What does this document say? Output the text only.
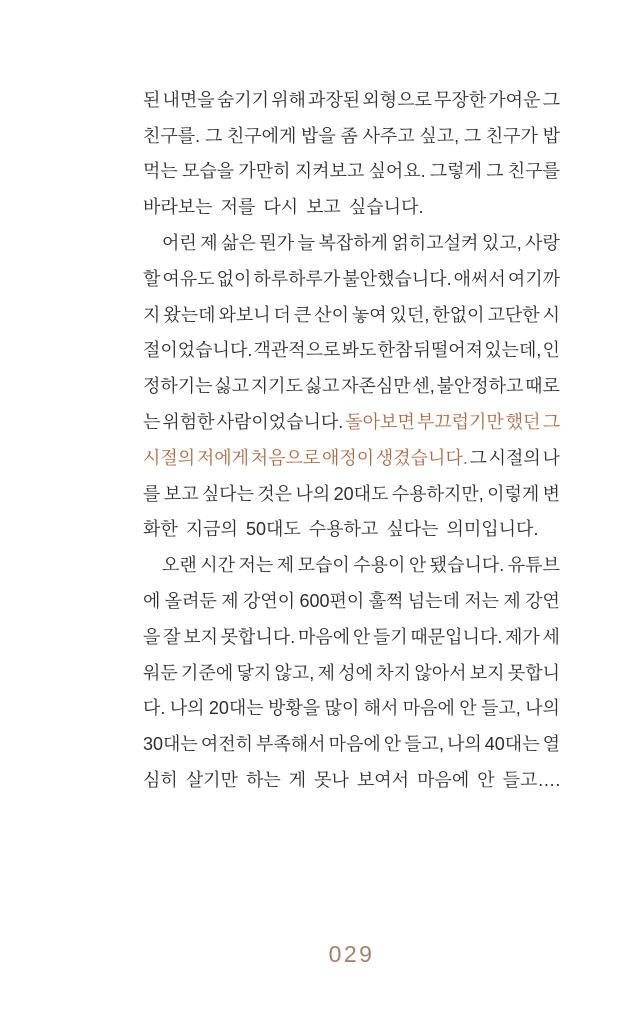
된 내면을 숨기기 위해 과장된 외형으로 무장한 가여운 그
친구를. 그 친구에게 밥을 좀 사주고 싶고, 그 친구가 밥
먹는 모습을 가만히 지켜보고 싶어요. 그렇게 그 친구를
바라보는 저를 다시 보고 싶습니다.
어린 제 삶은 뭔가 늘 복잡하게 얽히고설켜 있고, 사랑
할 여유도 없이 하루하루가 불안했습니다. 애써서 여기까
지 왔는데 와보니 더 큰 산이 놓여 있던, 한없이 고단한 시
절이었습니다. 객관적으로 봐도 한참 뒤떨어져 있는데, 인
정하기는 싫고 지기도 싫고 자존심만 센, 불안정하고 때로
는 위험한 사람이었습니다. 돌아보면 부끄럽기만 했던 그
시절의 저에게 처음으로 애정이 생겼습니다. 그 시절의 나
를 보고 싶다는 것은 나의 20대도 수용하지만, 이렇게 변
화한 지금의 50대도 수용하고 싶다는 의미입니다.
오랜 시간 저는 제 모습이 수용이 안 됐습니다. 유튜브
에 올려둔 제 강연이 600편이 훌쩍 넘는데 저는 제 강연
을 잘 보지 못합니다. 마음에 안 들기 때문입니다. 제가 세
워둔 기준에 닿지 않고, 제 성에 차지 않아서 보지 못합니
다. 나의 20대는 방황을 많이 해서 마음에 안 들고, 나의
30대는 여전히 부족해서 마음에 안 들고, 나의 40대는 열
심히 살기만 하는 게 못나 보여서 마음에 안 들고….
029
